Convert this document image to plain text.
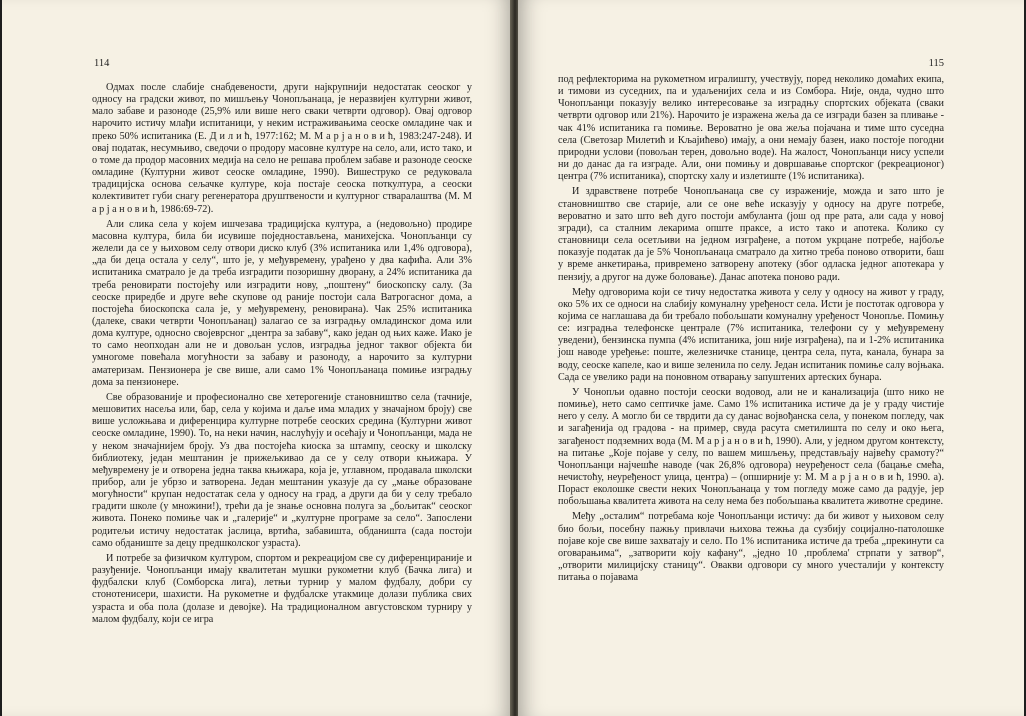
114

Одмах после слабије снабдевености, други најкрупнији недостатак сеоског у односу на градски живот, по мишљењу Чонопљанаца, је неразвијен културни живот, мало забаве и разоноде (25,9% или више него сваки четврти одговор). Овај одговор нарочито истичу млађи испитаници, у неким истраживањима сеоске омладине чак и преко 50% испитаника (Е. Д и л и ћ, 1977:162; М. М а р ј а н о в и ћ, 1983:247-248). И овај податак, несумњиво, сведочи о продору масовне културе на село, али, исто тако, и о томе да продор масовних медија на село не решава проблем забаве и разоноде сеоске омладине (Културни живот сеоске омладине, 1990). Вишеструко се редуковала традицијска основа сељачке културе, која постаје сеоска поткултура, а сеоски колективитет губи снагу регенератора друштвености и културног стваралаштва (М. М а р ј а н о в и ћ, 1986:69-72).

Али слика села у којем ишчезава традицијска култура, а (недовољно) продире масовна култура, била би исувише поједностављена, манихејска. Чонопљанци су желели да се у њиховом селу отвори диско клуб (3% испитаника или 1,4% одговора), „да би деца остала у селу“, што је, у међувремену, урађено у два кафића. Али 3% испитаника сматрало је да треба изградити позоришну дворану, а 24% испитаника да треба реновирати постојећу или изградити нову, „поштену“ биоскопску салу. (За сеоске приредбе и друге веће скупове од раније постоји сала Ватрогасног дома, а постојећа биоскопска сала је, у међувремену, реновирана). Чак 25% испитаника (далеке, сваки четврти Чонопљанац) залагао се за изградњу омладинског дома или дома културе, односно својеврсног „центра за забаву“, како један од њих каже. Иако је то само неопходан али не и довољан услов, изградња једног таквог објекта би умногоме повећала могућности за забаву и разоноду, а нарочито за културни аматеризам. Пензионера је све више, али само 1% Чонопљанаца помиње изградњу дома за пензионере.

Све образованије и професионално све хетерогеније становништво села (тачније, мешовитих насеља или, бар, села у којима и даље има младих у значајном броју) све више усложњава и диференцира културне потребе сеоских средина (Културни живот сеоске омладине, 1990). То, на неки начин, наслућују и осећају и Чонопљанци, мада не у неком значајнијем броју. Уз два постојећа киоска за штампу, сеоску и школску библиотеку, један мештанин је прижељкивао да се у селу отвори књижара. У међувремену је и отворена једна таква књижара, која је, углавном, продавала школски прибор, али је убрзо и затворена. Један мештанин указује да су „мање образоване могућности“ крупан недостатак села у односу на град, а други да би у селу требало градити школе (у множини!), трећи да је знање основна полуга за „бољитак“ сеоског живота. Понеко помиње чак и „галерије“ и „културне програме за село“. Запослени родитељи истичу недостатак јаслица, вртића, забавишта, обданишта (сада постоји само обданиште за децу предшколског узраста).

И потребе за физичком културом, спортом и рекреацијом све су диференцираније и разуђеније. Чонопљанци имају квалитетан мушки рукометни клуб (Бачка лига) и фудбалски клуб (Сомборска лига), летњи турнир у малом фудбалу, добри су стонотенисери, шахисти. На рукометне и фудбалске утакмице долази публика свих узраста и оба пола (долазе и девојке). На традиционалном августовском турниру у малом фудбалу, који се игра

115

под рефлекторима на рукометном игралишту, учествују, поред неколико домаћих екипа, и тимови из суседних, па и удаљенијих села и из Сомбора. Није, онда, чудно што Чонопљанци показују велико интересовање за изградњу спортских објеката (сваки четврти одговор или 21%). Нарочито је изражена жеља да се изгради базен за пливање - чак 41% испитаника га помиње. Вероватно је ова жеља појачана и тиме што суседна села (Светозар Милетић и Кљајићево) имају, а они немају базен, иако постоје погодни природни услови (повољан терен, довољно воде). На жалост, Чонопљанци нису успели ни до данас да га изграде. Али, они помињу и довршавање спортског (рекреационог) центра (7% испитаника), спортску халу и излетиште (1% испитаника).

И здравствене потребе Чонопљанаца све су израженије, можда и зато што је становништво све старије, али се оне веће исказују у односу на друге потребе, вероватно и зато што већ дуго постоји амбуланта (још од пре рата, али сада у новој згради), са сталним лекарима опште праксе, а исто тако и апотека. Колико су становници села осетљиви на једном изграђене, а потом укрцане потребе, најбоље показује податак да је 5% Чонопљанаца сматрало да хитно треба поново отворити, баш у време анкетирања, привремено затворену апотеку (због одласка једног апотекара у пензију, а другог на дуже боловање). Данас апотека поново ради.

Међу одговорима који се тичу недостатка живота у селу у односу на живот у граду, око 5% их се односи на слабију комуналну уређеност села. Исти је постотак одговора у којима се наглашава да би требало побољшати комуналну уређеност Чонопље. Помињу се: изградња телефонске централе (7% испитаника, телефони су у међувремену уведени), бензинска пумпа (4% испитаника, још није изграђена), па и 1-2% испитаника још наводе уређење: поште, железничке станице, центра села, пута, канала, бунара за воду, сеоске капеле, као и више зеленила по селу. Један испитаник помиње салу војњака. Сада се увелико ради на поновном отварању запуштених артеских бунара.

У Чонопљи одавно постоји сеоски водовод, али не и канализација (што нико не помиње), нето само септичке јаме. Само 1% испитаника истиче да је у граду чистије него у селу. А могло би се тврдити да су данас војвођанска села, у понеком погледу, чак и загађенија од градова - на пример, свуда расута сметилишта по селу и око њега, загађеност подземних вода (М. М а р ј а н о в и ћ, 1990). Али, у једном другом контексту, на питање „Које појаве у селу, по вашем мишљењу, представљају највећу срамоту?“ Чонопљанци најчешће наводе (чак 26,8% одговора) неуређеност села (бацање смећа, нечистоћу, неуређеност улица, центра) – (опширније у: М. М а р ј а н о в и ћ, 1990. а). Пораст еколошке свести неких Чонопљанаца у том погледу може само да радује, јер побољшања квалитета живота на селу нема без побољшања квалитета животне средине.

Међу „осталим“ потребама које Чонопљанци истичу: да би живот у њиховом селу био бољи, посебну пажњу привлачи њихова тежња да сузбију социјално-патолошке појаве које све више захватају и село. По 1% испитаника истиче да треба „прекинути са оговарањима“, „затворити коју кафану“, „једно 10 ,проблема' стрпати у затвор“, „отворити милицијску станицу“. Овакви одговори су много учесталији у контексту питања о појавама
